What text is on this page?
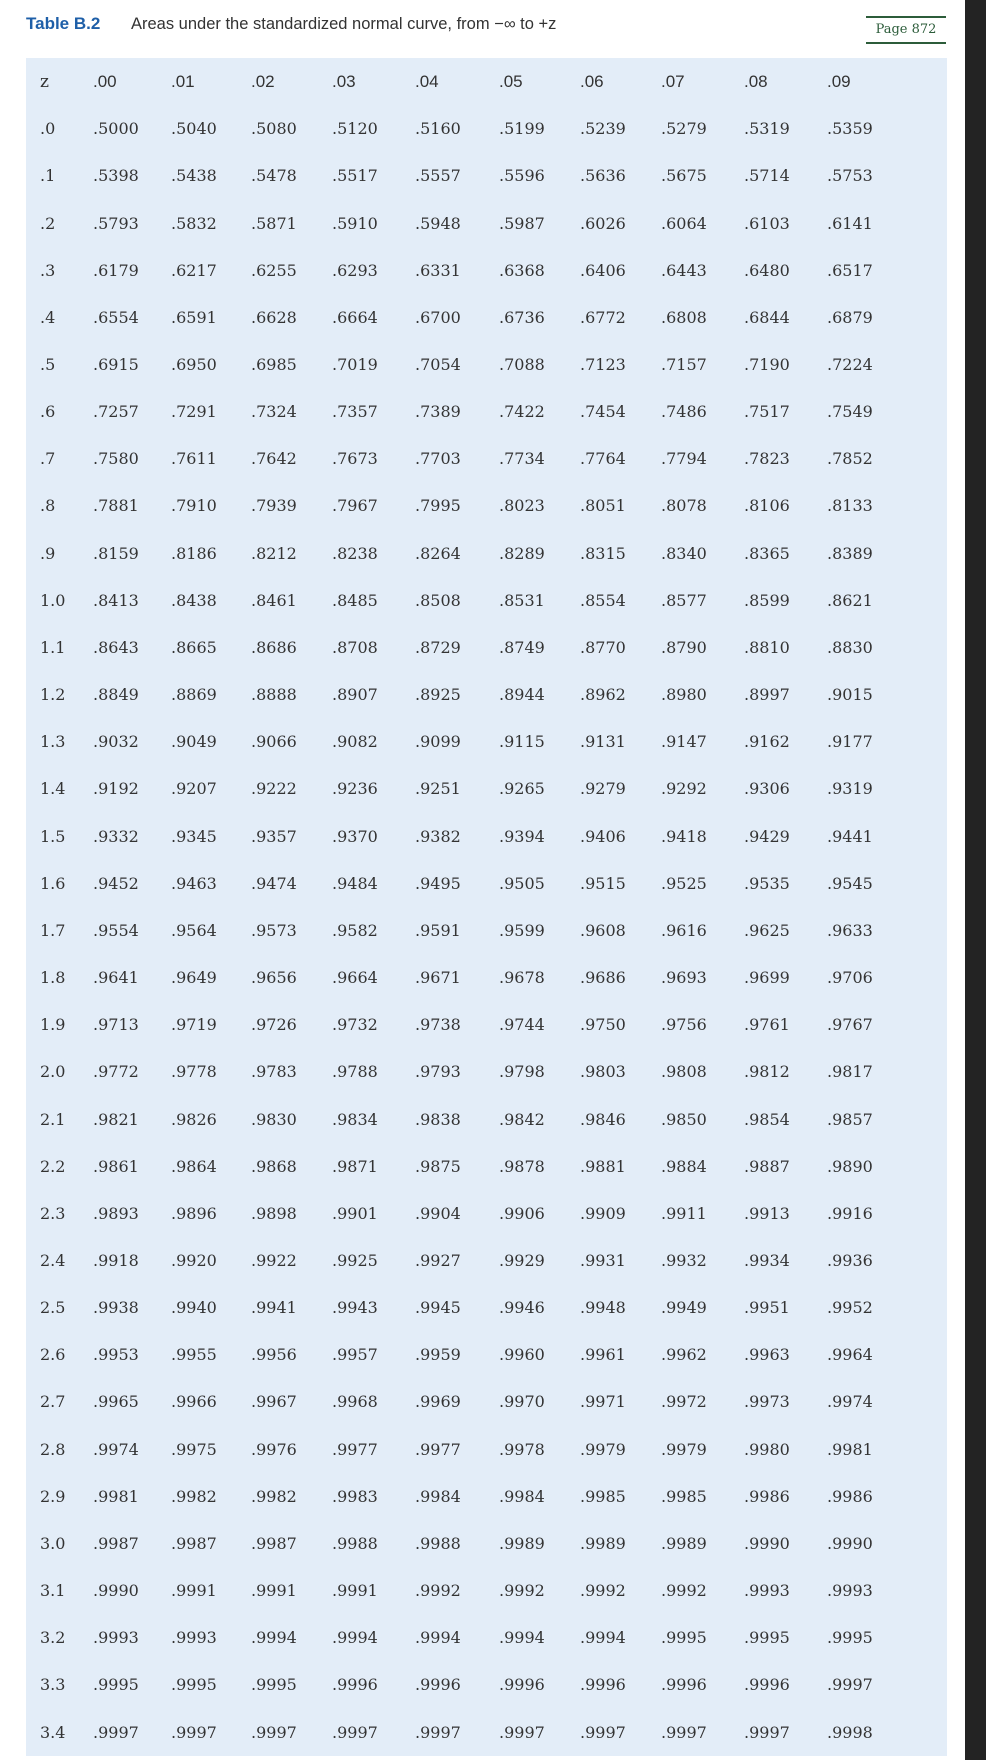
Table B.2 Areas under the standardized normal curve, from −∞ to +z	Page 872
z	.00	.01	.02	.03	.04	.05	.06	.07	.08	.09
.0	.5000	.5040	.5080	.5120	.5160	.5199	.5239	.5279	.5319	.5359
.1	.5398	.5438	.5478	.5517	.5557	.5596	.5636	.5675	.5714	.5753
.2	.5793	.5832	.5871	.5910	.5948	.5987	.6026	.6064	.6103	.6141
.3	.6179	.6217	.6255	.6293	.6331	.6368	.6406	.6443	.6480	.6517
.4	.6554	.6591	.6628	.6664	.6700	.6736	.6772	.6808	.6844	.6879
.5	.6915	.6950	.6985	.7019	.7054	.7088	.7123	.7157	.7190	.7224
.6	.7257	.7291	.7324	.7357	.7389	.7422	.7454	.7486	.7517	.7549
.7	.7580	.7611	.7642	.7673	.7703	.7734	.7764	.7794	.7823	.7852
.8	.7881	.7910	.7939	.7967	.7995	.8023	.8051	.8078	.8106	.8133
.9	.8159	.8186	.8212	.8238	.8264	.8289	.8315	.8340	.8365	.8389
1.0	.8413	.8438	.8461	.8485	.8508	.8531	.8554	.8577	.8599	.8621
1.1	.8643	.8665	.8686	.8708	.8729	.8749	.8770	.8790	.8810	.8830
1.2	.8849	.8869	.8888	.8907	.8925	.8944	.8962	.8980	.8997	.9015
1.3	.9032	.9049	.9066	.9082	.9099	.9115	.9131	.9147	.9162	.9177
1.4	.9192	.9207	.9222	.9236	.9251	.9265	.9279	.9292	.9306	.9319
1.5	.9332	.9345	.9357	.9370	.9382	.9394	.9406	.9418	.9429	.9441
1.6	.9452	.9463	.9474	.9484	.9495	.9505	.9515	.9525	.9535	.9545
1.7	.9554	.9564	.9573	.9582	.9591	.9599	.9608	.9616	.9625	.9633
1.8	.9641	.9649	.9656	.9664	.9671	.9678	.9686	.9693	.9699	.9706
1.9	.9713	.9719	.9726	.9732	.9738	.9744	.9750	.9756	.9761	.9767
2.0	.9772	.9778	.9783	.9788	.9793	.9798	.9803	.9808	.9812	.9817
2.1	.9821	.9826	.9830	.9834	.9838	.9842	.9846	.9850	.9854	.9857
2.2	.9861	.9864	.9868	.9871	.9875	.9878	.9881	.9884	.9887	.9890
2.3	.9893	.9896	.9898	.9901	.9904	.9906	.9909	.9911	.9913	.9916
2.4	.9918	.9920	.9922	.9925	.9927	.9929	.9931	.9932	.9934	.9936
2.5	.9938	.9940	.9941	.9943	.9945	.9946	.9948	.9949	.9951	.9952
2.6	.9953	.9955	.9956	.9957	.9959	.9960	.9961	.9962	.9963	.9964
2.7	.9965	.9966	.9967	.9968	.9969	.9970	.9971	.9972	.9973	.9974
2.8	.9974	.9975	.9976	.9977	.9977	.9978	.9979	.9979	.9980	.9981
2.9	.9981	.9982	.9982	.9983	.9984	.9984	.9985	.9985	.9986	.9986
3.0	.9987	.9987	.9987	.9988	.9988	.9989	.9989	.9989	.9990	.9990
3.1	.9990	.9991	.9991	.9991	.9992	.9992	.9992	.9992	.9993	.9993
3.2	.9993	.9993	.9994	.9994	.9994	.9994	.9994	.9995	.9995	.9995
3.3	.9995	.9995	.9995	.9996	.9996	.9996	.9996	.9996	.9996	.9997
3.4	.9997	.9997	.9997	.9997	.9997	.9997	.9997	.9997	.9997	.9998
